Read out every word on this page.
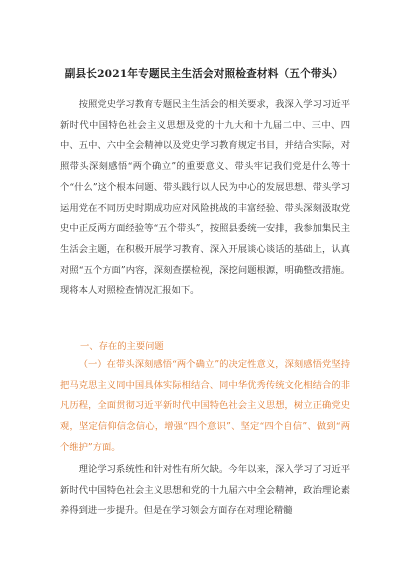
副县长2021年专题民主生活会对照检查材料（五个带头）

按照党史学习教育专题民主生活会的相关要求，我深入学习习近平新时代中国特色社会主义思想及党的十九大和十九届二中、三中、四中、五中、六中全会精神以及党史学习教育规定书目，并结合实际，对照带头深刻感悟“两个确立”的重要意义、带头牢记我们党是什么等十个“什么”这个根本问题、带头践行以人民为中心的发展思想、带头学习运用党在不同历史时期成功应对风险挑战的丰富经验、带头深刻汲取党史中正反两方面经验等“五个带头”，按照县委统一安排，我参加集民主生活会主题，在积极开展学习教育、深入开展谈心谈话的基础上，认真对照“五个方面”内容，深刻查摆检视，深挖问题根源，明确整改措施。现将本人对照检查情况汇报如下。

一、存在的主要问题

（一）在带头深刻感悟“两个确立”的决定性意义，深刻感悟党坚持把马克思主义同中国具体实际相结合、同中华优秀传统文化相结合的非凡历程，全面贯彻习近平新时代中国特色社会主义思想，树立正确党史观，坚定信仰信念信心，增强“四个意识”、坚定“四个自信”、做到“两个维护”方面。

理论学习系统性和针对性有所欠缺。今年以来，深入学习了习近平新时代中国特色社会主义思想和党的十九届六中全会精神，政治理论素养得到进一步提升。但是在学习领会方面存在对理论精髓
